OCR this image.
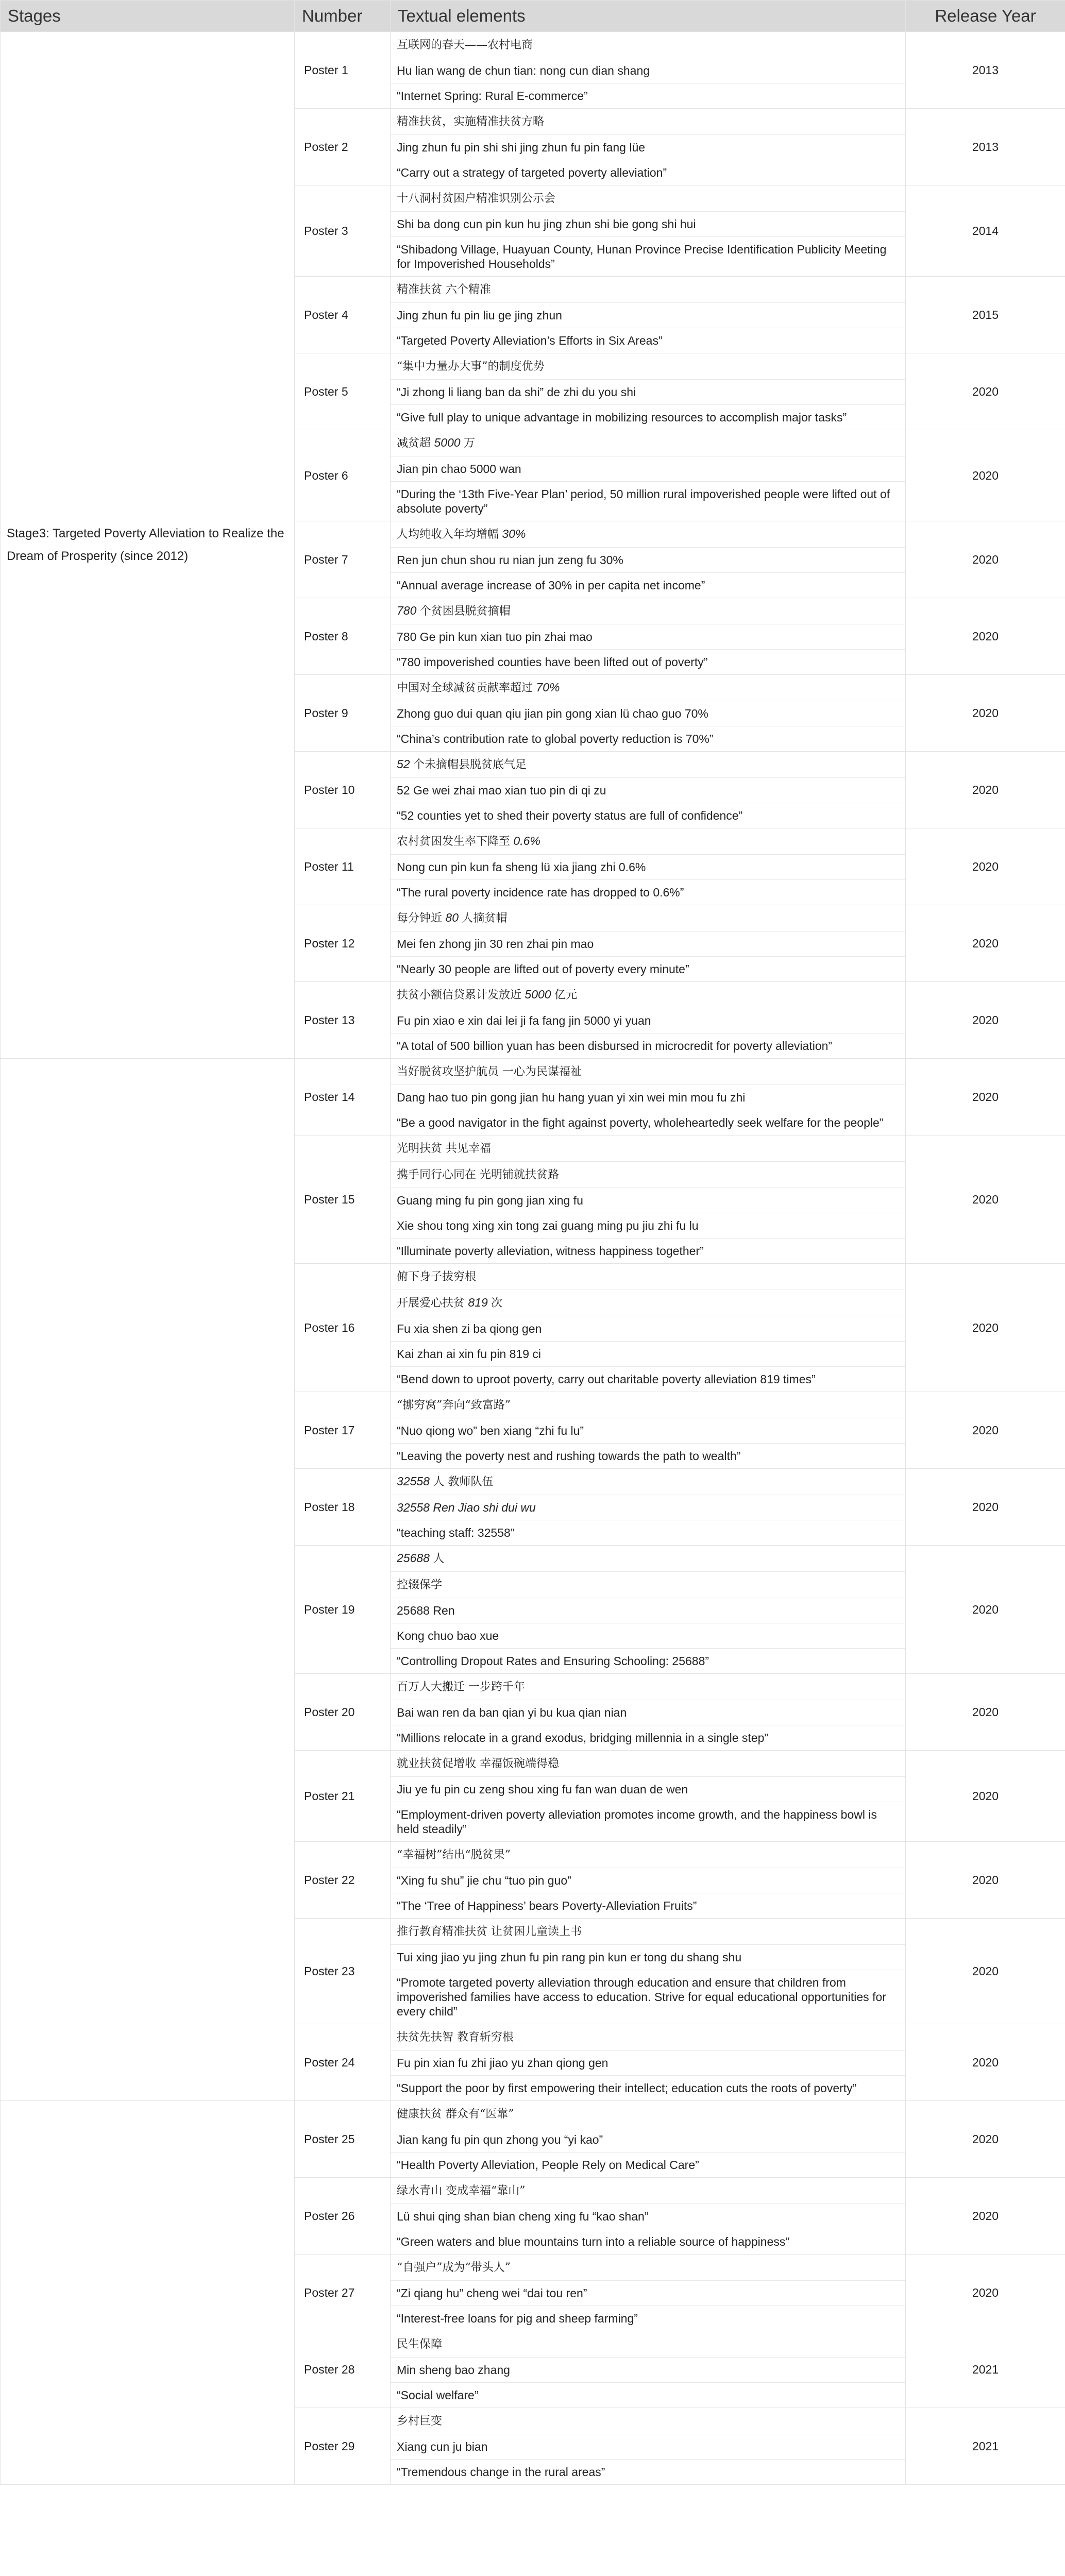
Stages	Number	Textual elements	Release Year
Stage3: Targeted Poverty Alleviation to Realize the Dream of Prosperity (since 2012)	Poster 1	互联网的春天——农村电商
Hu lian wang de chun tian: nong cun dian shang
“Internet Spring: Rural E-commerce”	2013
	Poster 2	精准扶贫，实施精准扶贫方略
Jing zhun fu pin shi shi jing zhun fu pin fang lüe
“Carry out a strategy of targeted poverty alleviation”	2013
	Poster 3	十八洞村贫困户精准识别公示会
Shi ba dong cun pin kun hu jing zhun shi bie gong shi hui
“Shibadong Village, Huayuan County, Hunan Province Precise Identification Publicity Meeting for Impoverished Households”	2014
	Poster 4	精准扶贫 六个精准
Jing zhun fu pin liu ge jing zhun
“Targeted Poverty Alleviation’s Efforts in Six Areas”	2015
	Poster 5	“集中力量办大事”的制度优势
“Ji zhong li liang ban da shi” de zhi du you shi
“Give full play to unique advantage in mobilizing resources to accomplish major tasks”	2020
	Poster 6	减贫超 5000 万
Jian pin chao 5000 wan
“During the ‘13th Five-Year Plan’ period, 50 million rural impoverished people were lifted out of absolute poverty”	2020
	Poster 7	人均纯收入年均增幅 30%
Ren jun chun shou ru nian jun zeng fu 30%
“Annual average increase of 30% in per capita net income”	2020
	Poster 8	780 个贫困县脱贫摘帽
780 Ge pin kun xian tuo pin zhai mao
“780 impoverished counties have been lifted out of poverty”	2020
	Poster 9	中国对全球减贫贡献率超过 70%
Zhong guo dui quan qiu jian pin gong xian lü chao guo 70%
“China’s contribution rate to global poverty reduction is 70%”	2020
	Poster 10	52 个未摘帽县脱贫底气足
52 Ge wei zhai mao xian tuo pin di qi zu
“52 counties yet to shed their poverty status are full of confidence”	2020
	Poster 11	农村贫困发生率下降至 0.6%
Nong cun pin kun fa sheng lü xia jiang zhi 0.6%
“The rural poverty incidence rate has dropped to 0.6%”	2020
	Poster 12	每分钟近 80 人摘贫帽
Mei fen zhong jin 30 ren zhai pin mao
“Nearly 30 people are lifted out of poverty every minute”	2020
	Poster 13	扶贫小额信贷累计发放近 5000 亿元
Fu pin xiao e xin dai lei ji fa fang jin 5000 yi yuan
“A total of 500 billion yuan has been disbursed in microcredit for poverty alleviation”	2020
	Poster 14	当好脱贫攻坚护航员 一心为民谋福祉
Dang hao tuo pin gong jian hu hang yuan yi xin wei min mou fu zhi
“Be a good navigator in the fight against poverty, wholeheartedly seek welfare for the people”	2020
	Poster 15	光明扶贫 共见幸福
携手同行心同在 光明铺就扶贫路
Guang ming fu pin gong jian xing fu
Xie shou tong xing xin tong zai guang ming pu jiu zhi fu lu
“Illuminate poverty alleviation, witness happiness together”	2020
	Poster 16	俯下身子拔穷根
开展爱心扶贫 819 次
Fu xia shen zi ba qiong gen
Kai zhan ai xin fu pin 819 ci
“Bend down to uproot poverty, carry out charitable poverty alleviation 819 times”	2020
	Poster 17	“挪穷窝”奔向“致富路”
“Nuo qiong wo” ben xiang “zhi fu lu”
“Leaving the poverty nest and rushing towards the path to wealth”	2020
	Poster 18	32558 人 教师队伍
32558 Ren Jiao shi dui wu
“teaching staff: 32558”	2020
	Poster 19	25688 人
控辍保学
25688 Ren
Kong chuo bao xue
“Controlling Dropout Rates and Ensuring Schooling: 25688”	2020
	Poster 20	百万人大搬迁 一步跨千年
Bai wan ren da ban qian yi bu kua qian nian
“Millions relocate in a grand exodus, bridging millennia in a single step”	2020
	Poster 21	就业扶贫促增收 幸福饭碗端得稳
Jiu ye fu pin cu zeng shou xing fu fan wan duan de wen
“Employment-driven poverty alleviation promotes income growth, and the happiness bowl is held steadily”	2020
	Poster 22	“幸福树”结出“脱贫果”
“Xing fu shu” jie chu “tuo pin guo”
“The ‘Tree of Happiness’ bears Poverty-Alleviation Fruits”	2020
	Poster 23	推行教育精准扶贫 让贫困儿童读上书
Tui xing jiao yu jing zhun fu pin rang pin kun er tong du shang shu
“Promote targeted poverty alleviation through education and ensure that children from impoverished families have access to education. Strive for equal educational opportunities for every child”	2020
	Poster 24	扶贫先扶智 教育斩穷根
Fu pin xian fu zhi jiao yu zhan qiong gen
“Support the poor by first empowering their intellect; education cuts the roots of poverty”	2020
	Poster 25	健康扶贫 群众有“医靠”
Jian kang fu pin qun zhong you “yi kao”
“Health Poverty Alleviation, People Rely on Medical Care”	2020
	Poster 26	绿水青山 变成幸福“靠山”
Lü shui qing shan bian cheng xing fu “kao shan”
“Green waters and blue mountains turn into a reliable source of happiness”	2020
	Poster 27	“自强户”成为“带头人”
“Zi qiang hu” cheng wei “dai tou ren”
“Interest-free loans for pig and sheep farming”	2020
	Poster 28	民生保障
Min sheng bao zhang
“Social welfare”	2021
	Poster 29	乡村巨变
Xiang cun ju bian
“Tremendous change in the rural areas”	2021
